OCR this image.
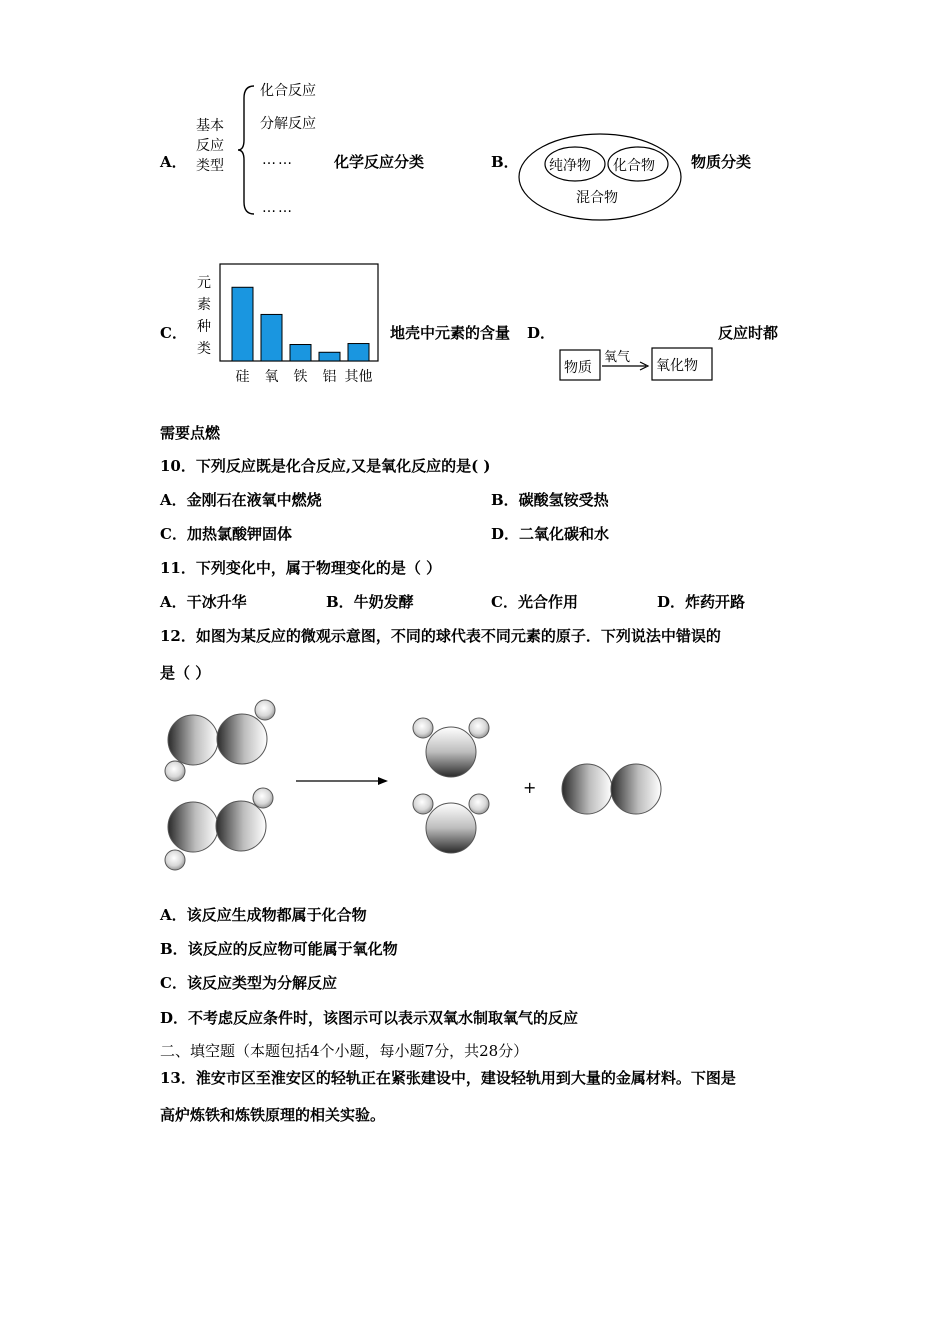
A．
基本
反应
类型
化合反应
分解反应
……
……
化学反应分类	B． 纯净物 化合物
混合物
物质分类
C．
元
素
种
类
硅 氧 铁 铝 其他
地壳中元素的含量 D．
物质
氧气
氧化物
反应时都
需要点燃
10．下列反应既是化合反应,又是氧化反应的是( )
A．金刚石在液氧中燃烧	B．碳酸氢铵受热
C．加热氯酸钾固体	D．二氧化碳和水
11．下列变化中，属于物理变化的是（ ）
A．干冰升华	B．牛奶发酵	C．光合作用	D．炸药开路
12．如图为某反应的微观示意图，不同的球代表不同元素的原子．下列说法中错误的
是（ ）
+
A．该反应生成物都属于化合物
B．该反应的反应物可能属于氧化物
C．该反应类型为分解反应
D．不考虑反应条件时，该图示可以表示双氧水制取氧气的反应
二、填空题（本题包括4个小题，每小题7分，共28分）
13．淮安市区至淮安区的轻轨正在紧张建设中，建设轻轨用到大量的金属材料。下图是
高炉炼铁和炼铁原理的相关实验。
